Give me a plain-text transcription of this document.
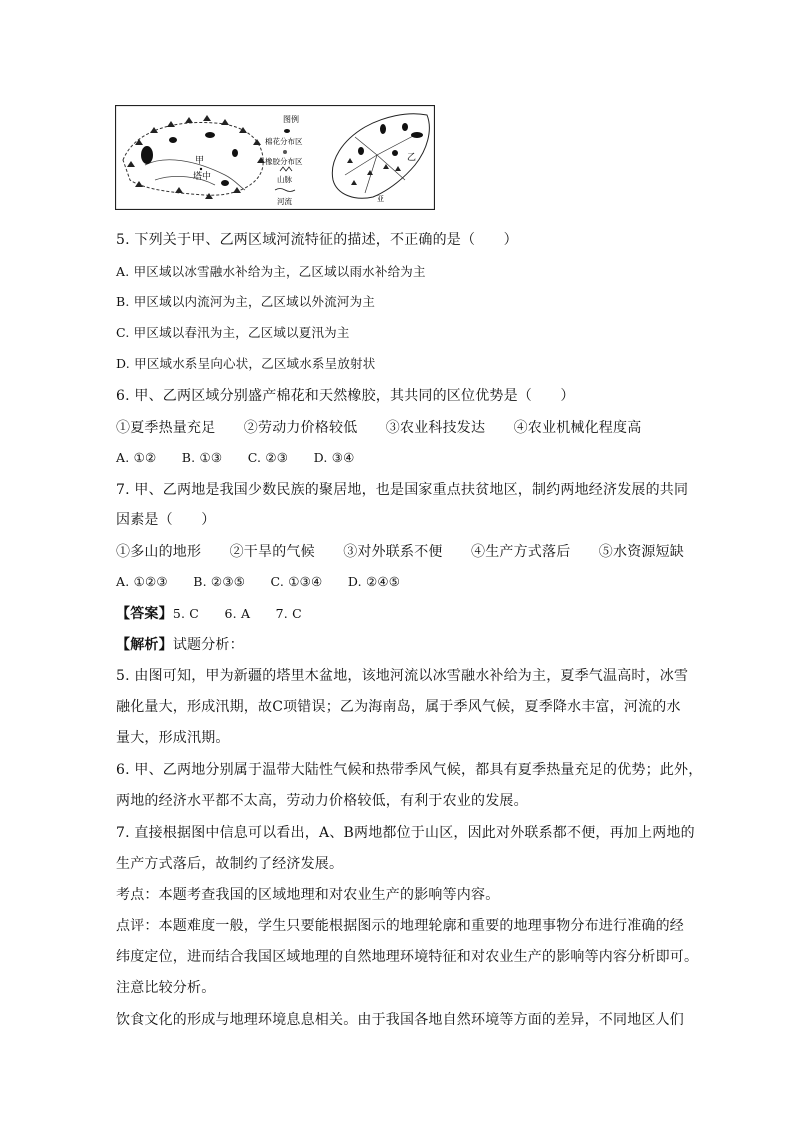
甲
塔中
图例
棉花分布区
橡胶分布区
山脉
河流
乙
亚
5. 下列关于甲、乙两区域河流特征的描述，不正确的是（　　）
A. 甲区域以冰雪融水补给为主，乙区域以雨水补给为主
B. 甲区域以内流河为主，乙区域以外流河为主
C. 甲区域以春汛为主，乙区域以夏汛为主
D. 甲区域水系呈向心状，乙区域水系呈放射状
6. 甲、乙两区域分别盛产棉花和天然橡胶，其共同的区位优势是（　　）
①夏季热量充足　　②劳动力价格较低　　③农业科技发达　　④农业机械化程度高
A. ①②　　B. ①③　　C. ②③　　D. ③④
7. 甲、乙两地是我国少数民族的聚居地，也是国家重点扶贫地区，制约两地经济发展的共同
因素是（　　）
①多山的地形　　②干旱的气候　　③对外联系不便　　④生产方式落后　　⑤水资源短缺
A. ①②③　　B. ②③⑤　　C. ①③④　　D. ②④⑤
【答案】5. C　　6. A　　7. C
【解析】试题分析：
5. 由图可知，甲为新疆的塔里木盆地，该地河流以冰雪融水补给为主，夏季气温高时，冰雪
融化量大，形成汛期，故C项错误；乙为海南岛，属于季风气候，夏季降水丰富，河流的水
量大，形成汛期。
6. 甲、乙两地分别属于温带大陆性气候和热带季风气候，都具有夏季热量充足的优势；此外，
两地的经济水平都不太高，劳动力价格较低，有利于农业的发展。
7. 直接根据图中信息可以看出，A、B两地都位于山区，因此对外联系都不便，再加上两地的
生产方式落后，故制约了经济发展。
考点：本题考查我国的区域地理和对农业生产的影响等内容。
点评：本题难度一般，学生只要能根据图示的地理轮廓和重要的地理事物分布进行准确的经
纬度定位，进而结合我国区域地理的自然地理环境特征和对农业生产的影响等内容分析即可。
注意比较分析。
饮食文化的形成与地理环境息息相关。由于我国各地自然环境等方面的差异，不同地区人们
